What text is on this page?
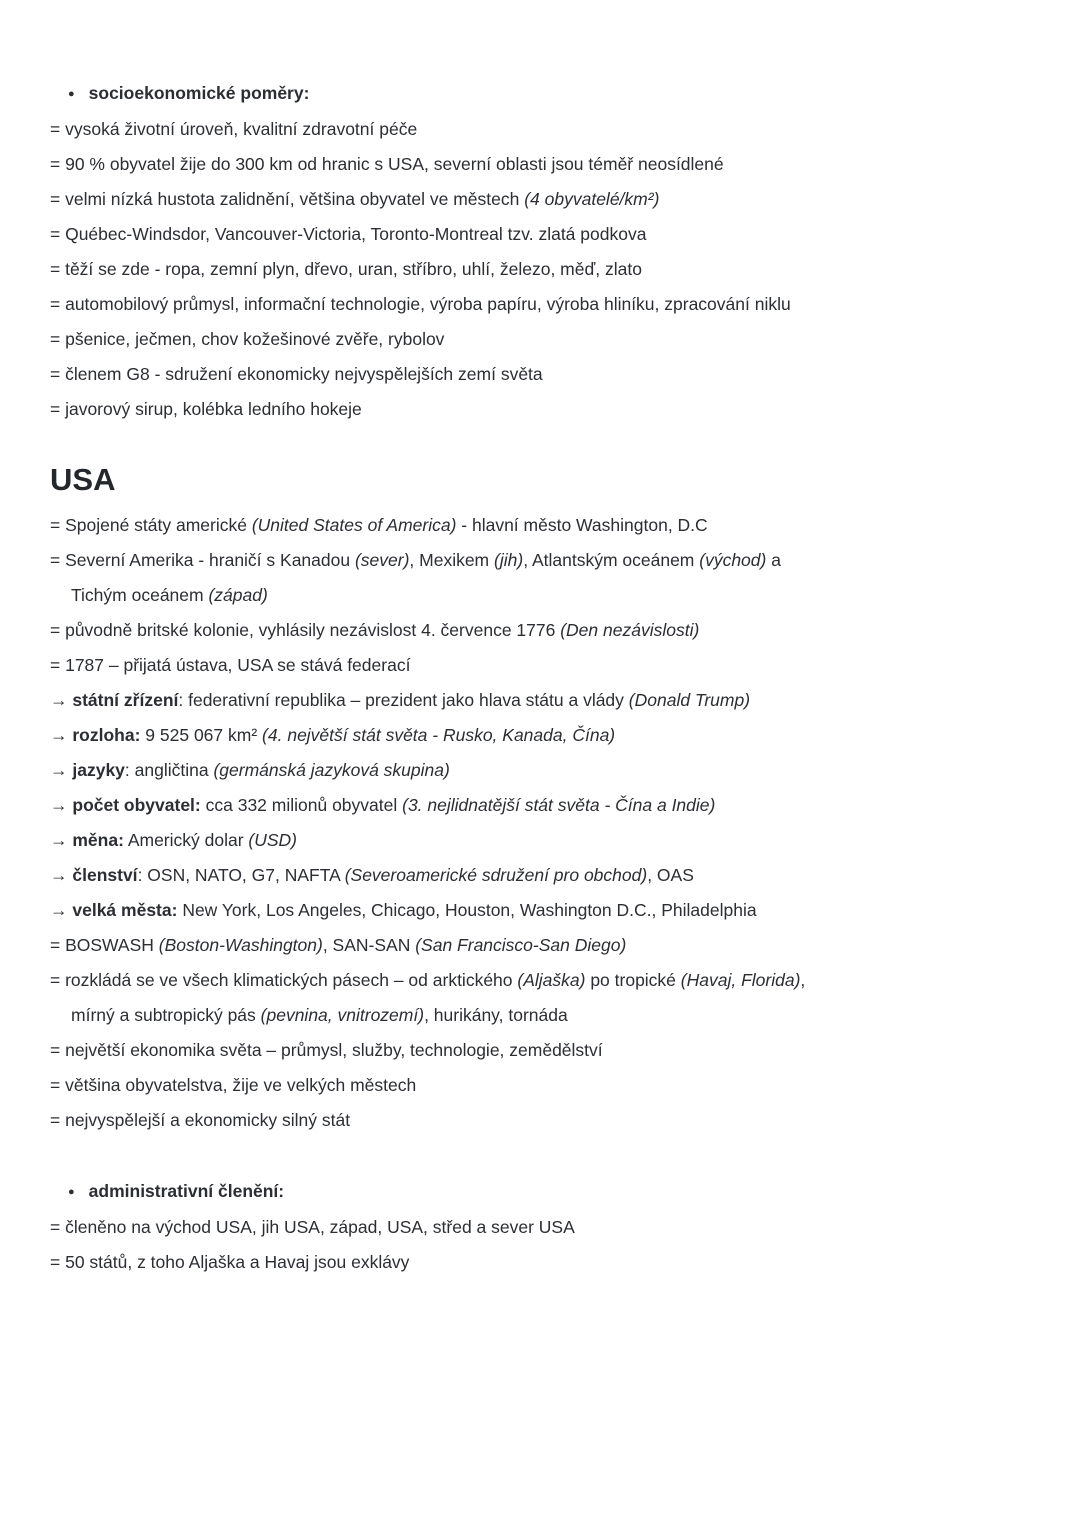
● socioekonomické poměry:

= vysoká životní úroveň, kvalitní zdravotní péče

= 90 % obyvatel žije do 300 km od hranic s USA, severní oblasti jsou téměř neosídlené

= velmi nízká hustota zalidnění, většina obyvatel ve městech (4 obyvatelé/km²)

= Québec-Windsdor, Vancouver-Victoria, Toronto-Montreal tzv. zlatá podkova

= těží se zde - ropa, zemní plyn, dřevo, uran, stříbro, uhlí, železo, měď, zlato

= automobilový průmysl, informační technologie, výroba papíru, výroba hliníku, zpracování niklu

= pšenice, ječmen, chov kožešinové zvěře, rybolov

= členem G8 - sdružení ekonomicky nejvyspělejších zemí světa

= javorový sirup, kolébka ledního hokeje

USA

= Spojené státy americké (United States of America) - hlavní město Washington, D.C

= Severní Amerika - hraničí s Kanadou (sever), Mexikem (jih), Atlantským oceánem (východ) a

Tichým oceánem (západ)

= původně britské kolonie, vyhlásily nezávislost 4. července 1776 (Den nezávislosti)

= 1787 – přijatá ústava, USA se stává federací

→ státní zřízení: federativní republika – prezident jako hlava státu a vlády (Donald Trump)

→ rozloha: 9 525 067 km² (4. největší stát světa - Rusko, Kanada, Čína)

→ jazyky: angličtina (germánská jazyková skupina)

→ počet obyvatel: cca 332 milionů obyvatel (3. nejlidnatější stát světa - Čína a Indie)

→ měna: Americký dolar (USD)

→ členství: OSN, NATO, G7, NAFTA (Severoamerické sdružení pro obchod), OAS

→ velká města: New York, Los Angeles, Chicago, Houston, Washington D.C., Philadelphia

= BOSWASH (Boston-Washington), SAN-SAN (San Francisco-San Diego)

= rozkládá se ve všech klimatických pásech – od arktického (Aljaška) po tropické (Havaj, Florida),

mírný a subtropický pás (pevnina, vnitrozemí), hurikány, tornáda

= největší ekonomika světa – průmysl, služby, technologie, zemědělství

= většina obyvatelstva, žije ve velkých městech

= nejvyspělejší a ekonomicky silný stát

● administrativní členění:

= členěno na východ USA, jih USA, západ, USA, střed a sever USA

= 50 států, z toho Aljaška a Havaj jsou exklávy
